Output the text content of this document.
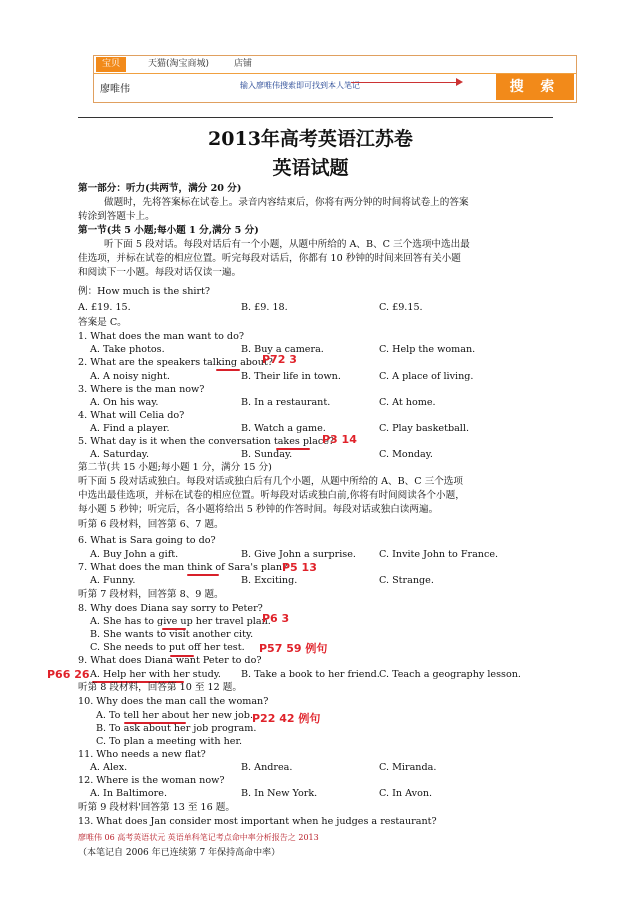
宝贝	天猫(淘宝商城)	店铺
廖唯伟	输入廖唯伟搜索即可找到本人笔记	搜 索
2013年高考英语江苏卷
英语试题
第一部分：听力(共两节，满分 20 分)
做题时，先将答案标在试卷上。录音内容结束后，你将有两分钟的时间将试卷上的答案
转涂到答题卡上。
第一节(共 5 小题;每小题 1 分,满分 5 分)
听下面 5 段对话。每段对话后有一个小题，从题中所给的 A、B、C 三个选项中选出最
佳选项，并标在试卷的相应位置。听完每段对话后，你都有 10 秒钟的时间来回答有关小题
和阅读下一小题。每段对话仅读一遍。
例：How much is the shirt?
A. £19. 15.	B. £9. 18.	C. £9.15.
答案是 C。
1. What does the man want to do?
A. Take photos.	B. Buy a camera.	C. Help the woman.
2. What are the speakers talking about?
P72 3
A. A noisy night.	B. Their life in town.	C. A place of living.
3. Where is the man now?
A. On his way.	B. In a restaurant.	C. At home.
4. What will Celia do?
A. Find a player.	B. Watch a game.	C. Play basketball.
5. What day is it when the conversation takes place?
P3 14
A. Saturday.	B. Sunday.	C. Monday.
第二节(共 15 小题;每小题 1 分，满分 15 分)
听下面 5 段对话或独白。每段对话或独白后有几个小题，从题中所给的 A、B、C 三个选项
中选出最佳选项，并标在试卷的相应位置。听每段对话或独白前,你将有时间阅读各个小题，
每小题 5 秒钟；听完后，各小题将给出 5 秒钟的作答时间。每段对话或独白读两遍。
听第 6 段材料，回答第 6、7 题。
6. What is Sara going to do?
A. Buy John a gift.	B. Give John a surprise. C. Invite John to France.
7. What does the man think of Sara's plan?
P5 13
A. Funny.	B. Exciting.	C. Strange.
听第 7 段材料，回答第 8、9 题。
8. Why does Diana say sorry to Peter?
A. She has to give up her travel plan.
P6 3
B. She wants to visit another city.
C. She needs to put off her test. P57 59 例句
9. What does Diana want Peter to do?
P66 26 A. Help her with her study. B. Take a book to her friend. C. Teach a geography lesson.
听第 8 段材料，回答第 10 至 12 题。
10. Why does the man call the woman?
A. To tell her about her new job. P22 42 例句
B. To ask about her job program.
C. To plan a meeting with her.
11. Who needs a new flat?
A. Alex.	B. Andrea.	C. Miranda.
12. Where is the woman now?
A. In Baltimore.	B. In New York.	C. In Avon.
听第 9 段材料'回答第 13 至 16 题。
13. What does Jan consider most important when he judges a restaurant?
廖唯伟 06 高考英语状元 英语单科笔记考点命中率分析报告之 2013
（本笔记自 2006 年已连续第 7 年保持高命中率）
